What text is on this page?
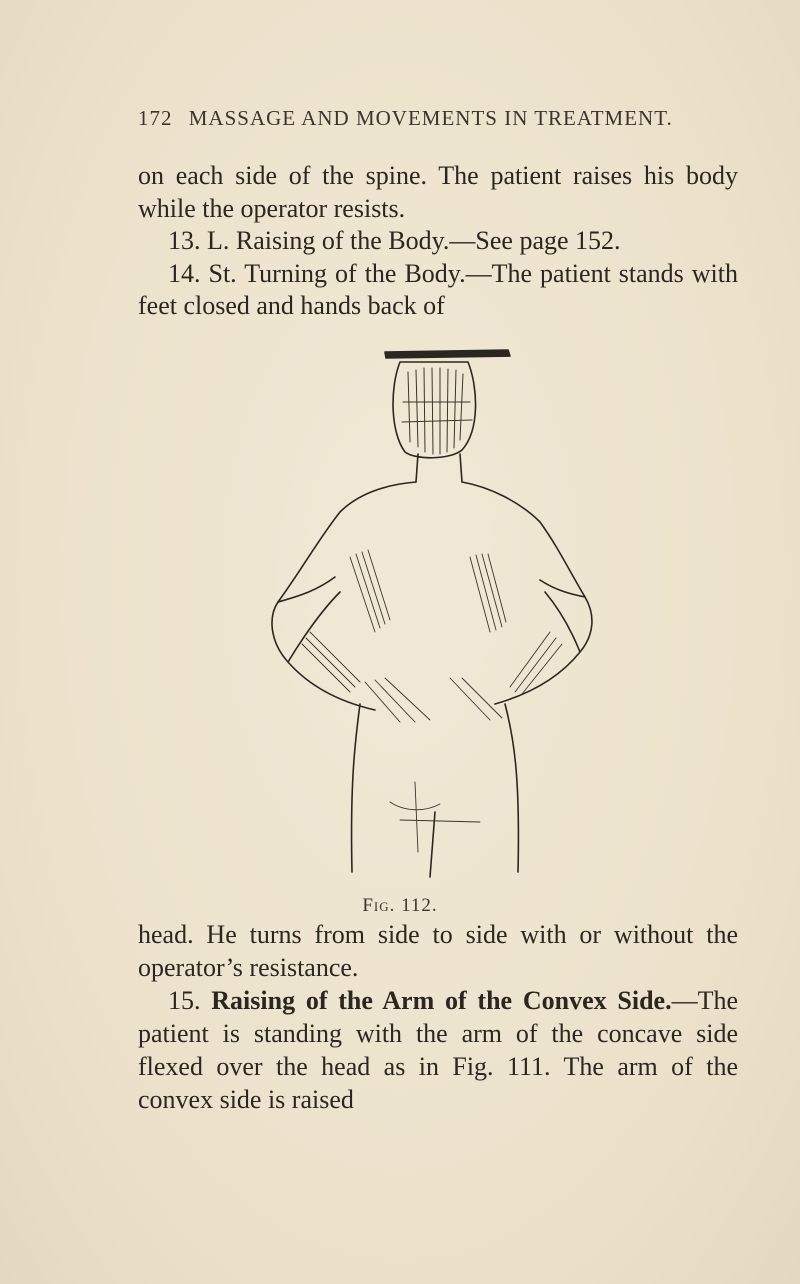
172 MASSAGE AND MOVEMENTS IN TREATMENT.

on each side of the spine. The patient raises his body while the operator resists.

13. L. Raising of the Body.—See page 152.

14. St. Turning of the Body.—The patient stands with feet closed and hands back of

Fig. 112.

head. He turns from side to side with or without the operator’s resistance.

15. Raising of the Arm of the Convex Side.—The patient is standing with the arm of the concave side flexed over the head as in Fig. 111. The arm of the convex side is raised
